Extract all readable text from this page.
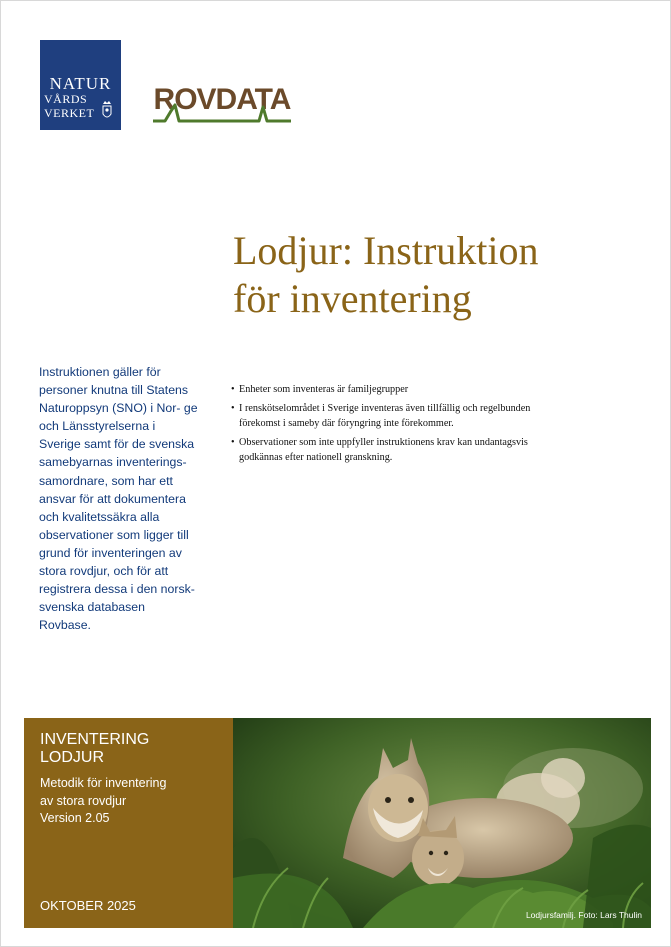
NATUR
VÅRDS
VERKET	ROVDATA
Lodjur: Instruktion
för inventering

Instruktionen gäller för personer knutna till Statens Naturoppsyn (SNO) i Nor- ge och Länsstyrelserna i Sverige samt för de svenska samebyarnas inventerings- samordnare, som har ett ansvar för att dokumentera och kvalitetssäkra alla observationer som ligger till grund för inventeringen av stora rovdjur, och för att registrera dessa i den norsk-svenska databasen Rovbase.

• Enheter som inventeras är familjegrupper
• I renskötselområdet i Sverige inventeras även tillfällig och regelbunden förekomst i sameby där föryngring inte förekommer.
• Observationer som inte uppfyller instruktionens krav kan undantagsvis godkännas efter nationell granskning.
INVENTERING
LODJUR
Metodik för inventering
av stora rovdjur
Version 2.05
OKTOBER 2025
Lodjursfamilj. Foto: Lars Thulin
